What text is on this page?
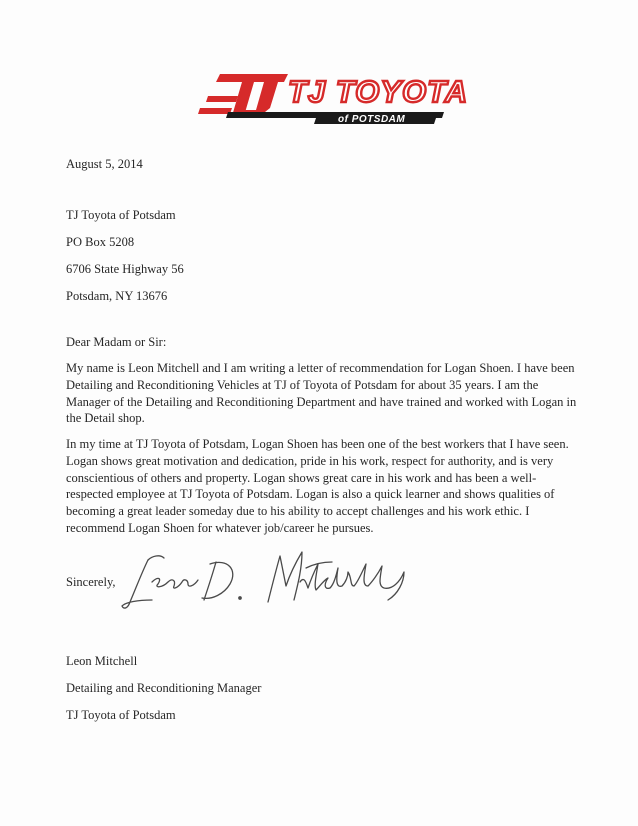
TJ TOYOTA
of POTSDAM
August 5, 2014
TJ Toyota of Potsdam
PO Box 5208
6706 State Highway 56
Potsdam, NY 13676
Dear Madam or Sir:

My name is Leon Mitchell and I am writing a letter of recommendation for Logan Shoen. I have been Detailing and Reconditioning Vehicles at TJ of Toyota of Potsdam for about 35 years. I am the Manager of the Detailing and Reconditioning Department and have trained and worked with Logan in the Detail shop.

In my time at TJ Toyota of Potsdam, Logan Shoen has been one of the best workers that I have seen. Logan shows great motivation and dedication, pride in his work, respect for authority, and is very conscientious of others and property. Logan shows great care in his work and has been a well-respected employee at TJ Toyota of Potsdam. Logan is also a quick learner and shows qualities of becoming a great leader someday due to his ability to accept challenges and his work ethic. I recommend Logan Shoen for whatever job/career he pursues.

Sincerely,
Leon Mitchell
Detailing and Reconditioning Manager
TJ Toyota of Potsdam
